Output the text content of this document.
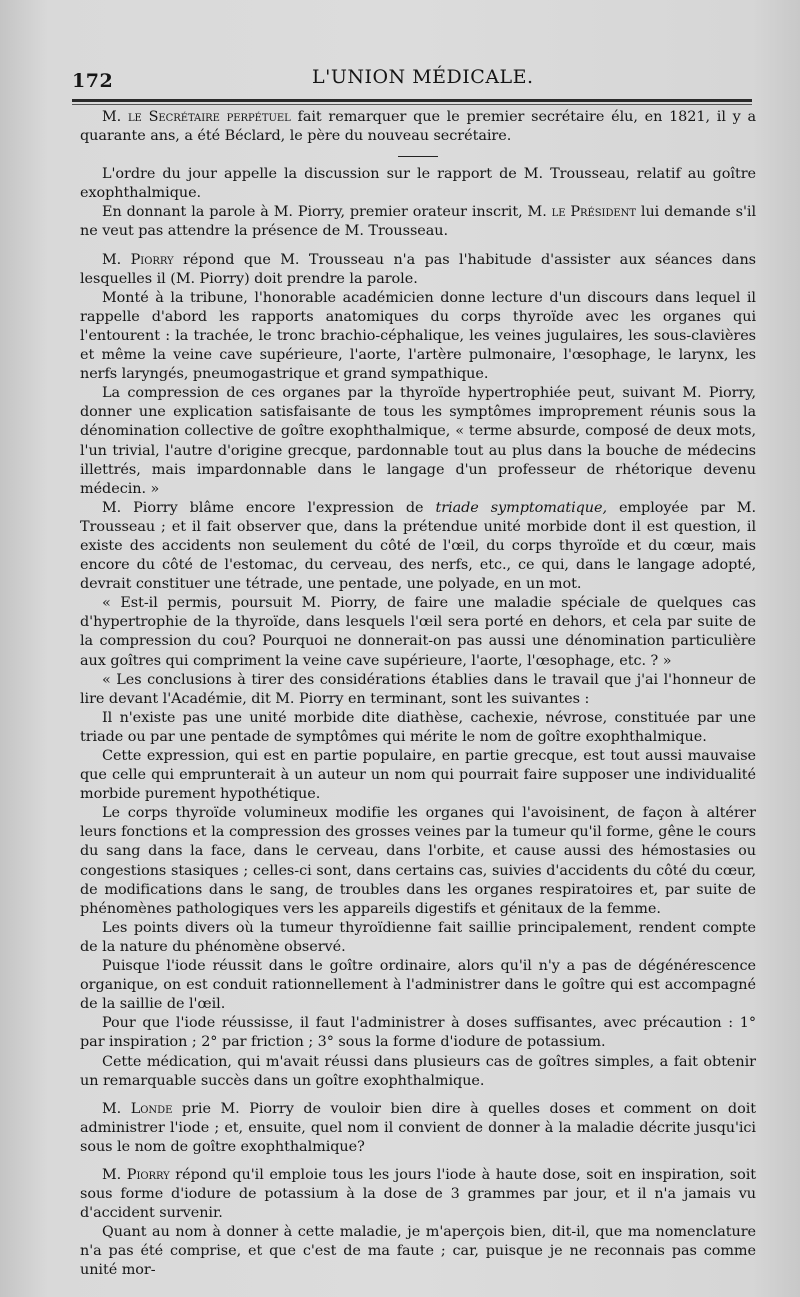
172	L'UNION MÉDICALE.

M. le Secrétaire perpétuel fait remarquer que le premier secrétaire élu, en 1821, il y a quarante ans, a été Béclard, le père du nouveau secrétaire.

L'ordre du jour appelle la discussion sur le rapport de M. Trousseau, relatif au goître exophthalmique.

En donnant la parole à M. Piorry, premier orateur inscrit, M. le Président lui demande s'il ne veut pas attendre la présence de M. Trousseau.

M. Piorry répond que M. Trousseau n'a pas l'habitude d'assister aux séances dans lesquelles il (M. Piorry) doit prendre la parole.

Monté à la tribune, l'honorable académicien donne lecture d'un discours dans lequel il rappelle d'abord les rapports anatomiques du corps thyroïde avec les organes qui l'entourent : la trachée, le tronc brachio-céphalique, les veines jugulaires, les sous-clavières et même la veine cave supérieure, l'aorte, l'artère pulmonaire, l'œsophage, le larynx, les nerfs laryngés, pneumogastrique et grand sympathique.

La compression de ces organes par la thyroïde hypertrophiée peut, suivant M. Piorry, donner une explication satisfaisante de tous les symptômes improprement réunis sous la dénomination collective de goître exophthalmique, « terme absurde, composé de deux mots, l'un trivial, l'autre d'origine grecque, pardonnable tout au plus dans la bouche de médecins illettrés, mais impardonnable dans le langage d'un professeur de rhétorique devenu médecin. »

M. Piorry blâme encore l'expression de triade symptomatique, employée par M. Trousseau ; et il fait observer que, dans la prétendue unité morbide dont il est question, il existe des accidents non seulement du côté de l'œil, du corps thyroïde et du cœur, mais encore du côté de l'estomac, du cerveau, des nerfs, etc., ce qui, dans le langage adopté, devrait constituer une tétrade, une pentade, une polyade, en un mot.

« Est-il permis, poursuit M. Piorry, de faire une maladie spéciale de quelques cas d'hypertrophie de la thyroïde, dans lesquels l'œil sera porté en dehors, et cela par suite de la compression du cou? Pourquoi ne donnerait-on pas aussi une dénomination particulière aux goîtres qui compriment la veine cave supérieure, l'aorte, l'œsophage, etc. ? »

« Les conclusions à tirer des considérations établies dans le travail que j'ai l'honneur de lire devant l'Académie, dit M. Piorry en terminant, sont les suivantes :

Il n'existe pas une unité morbide dite diathèse, cachexie, névrose, constituée par une triade ou par une pentade de symptômes qui mérite le nom de goître exophthalmique.

Cette expression, qui est en partie populaire, en partie grecque, est tout aussi mauvaise que celle qui emprunterait à un auteur un nom qui pourrait faire supposer une individualité morbide purement hypothétique.

Le corps thyroïde volumineux modifie les organes qui l'avoisinent, de façon à altérer leurs fonctions et la compression des grosses veines par la tumeur qu'il forme, gêne le cours du sang dans la face, dans le cerveau, dans l'orbite, et cause aussi des hémostasies ou congestions stasiques ; celles-ci sont, dans certains cas, suivies d'accidents du côté du cœur, de modifications dans le sang, de troubles dans les organes respiratoires et, par suite de phénomènes pathologiques vers les appareils digestifs et génitaux de la femme.

Les points divers où la tumeur thyroïdienne fait saillie principalement, rendent compte de la nature du phénomène observé.

Puisque l'iode réussit dans le goître ordinaire, alors qu'il n'y a pas de dégénérescence organique, on est conduit rationnellement à l'administrer dans le goître qui est accompagné de la saillie de l'œil.

Pour que l'iode réussisse, il faut l'administrer à doses suffisantes, avec précaution : 1° par inspiration ; 2° par friction ; 3° sous la forme d'iodure de potassium.

Cette médication, qui m'avait réussi dans plusieurs cas de goîtres simples, a fait obtenir un remarquable succès dans un goître exophthalmique.

M. Londe prie M. Piorry de vouloir bien dire à quelles doses et comment on doit administrer l'iode ; et, ensuite, quel nom il convient de donner à la maladie décrite jusqu'ici sous le nom de goître exophthalmique?

M. Piorry répond qu'il emploie tous les jours l'iode à haute dose, soit en inspiration, soit sous forme d'iodure de potassium à la dose de 3 grammes par jour, et il n'a jamais vu d'accident survenir.

Quant au nom à donner à cette maladie, je m'aperçois bien, dit-il, que ma nomenclature n'a pas été comprise, et que c'est de ma faute ; car, puisque je ne reconnais pas comme unité mor-
